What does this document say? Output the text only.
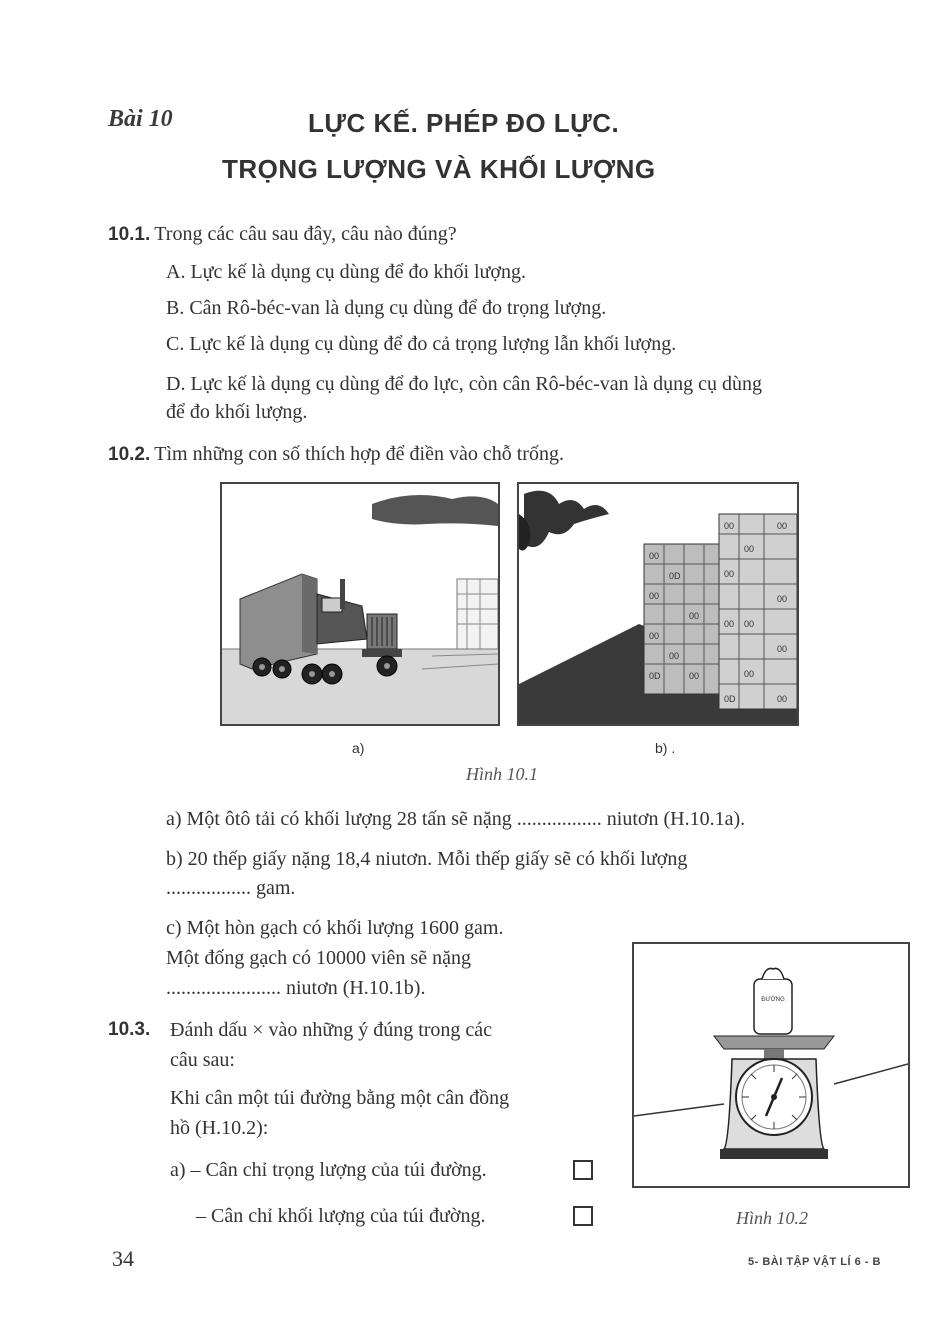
Bài 10	LỰC KẾ. PHÉP ĐO LỰC.
TRỌNG LƯỢNG VÀ KHỐI LƯỢNG
10.1. Trong các câu sau đây, câu nào đúng?
A. Lực kế là dụng cụ dùng để đo khối lượng.
B. Cân Rô-béc-van là dụng cụ dùng để đo trọng lượng.
C. Lực kế là dụng cụ dùng để đo cả trọng lượng lẫn khối lượng.
D. Lực kế là dụng cụ dùng để đo lực, còn cân Rô-béc-van là dụng cụ dùng
để đo khối lượng.
10.2. Tìm những con số thích hợp để điền vào chỗ trống.
00
0D
00
00
00
00
0D	00
00	00
00
00
00
00
00
00
00
0D
00
a)	b) .
Hình 10.1
a) Một ôtô tải có khối lượng 28 tấn sẽ nặng ................. niutơn (H.10.1a).
b) 20 thếp giấy nặng 18,4 niutơn. Mỗi thếp giấy sẽ có khối lượng
................. gam.
c) Một hòn gạch có khối lượng 1600 gam.
Một đống gạch có 10000 viên sẽ nặng
....................... niutơn (H.10.1b).
10.3. Đánh dấu × vào những ý đúng trong các
câu sau:
Khi cân một túi đường bằng một cân đồng
hồ (H.10.2):
a) – Cân chỉ trọng lượng của túi đường.
– Cân chỉ khối lượng của túi đường.
ĐƯỜNG
Hình 10.2
34	5- BÀI TẬP VẬT LÍ 6 - B
